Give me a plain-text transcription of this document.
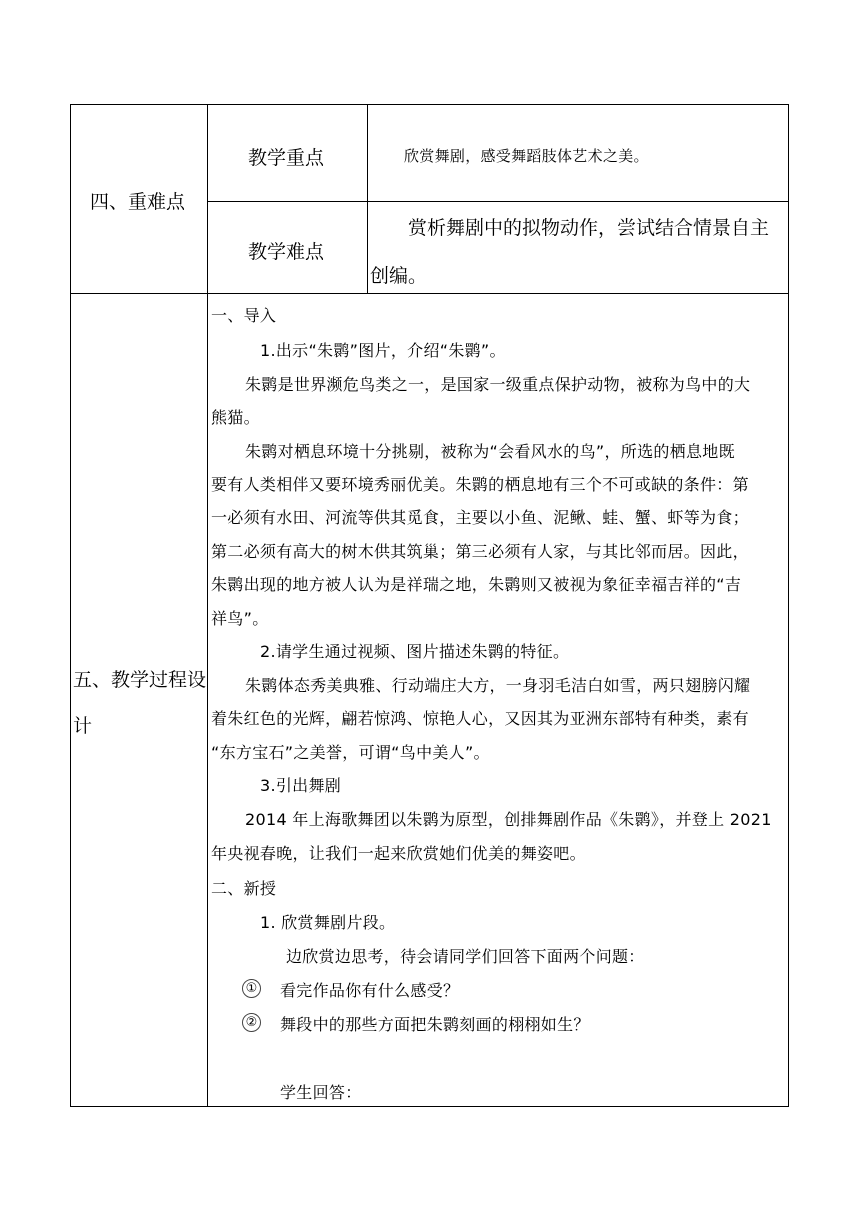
四、重难点
教学重点	欣赏舞剧，感受舞蹈肢体艺术之美。
教学难点
赏析舞剧中的拟物动作，尝试结合情景自主
创编。
五、教学过程设
计
一、导入
1.出示“朱鹮”图片，介绍“朱鹮”。
朱鹮是世界濒危鸟类之一，是国家一级重点保护动物，被称为鸟中的大
熊猫。
朱鹮对栖息环境十分挑剔，被称为“会看风水的鸟”，所选的栖息地既
要有人类相伴又要环境秀丽优美。朱鹮的栖息地有三个不可或缺的条件：第
一必须有水田、河流等供其觅食，主要以小鱼、泥鳅、蛙、蟹、虾等为食；
第二必须有高大的树木供其筑巢；第三必须有人家，与其比邻而居。因此，
朱鹮出现的地方被人认为是祥瑞之地，朱鹮则又被视为象征幸福吉祥的“吉
祥鸟”。
2.请学生通过视频、图片描述朱鹮的特征。
朱鹮体态秀美典雅、行动端庄大方，一身羽毛洁白如雪，两只翅膀闪耀
着朱红色的光辉，翩若惊鸿、惊艳人心，又因其为亚洲东部特有种类，素有
“东方宝石”之美誉，可谓“鸟中美人”。
3.引出舞剧
2014 年上海歌舞团以朱鹮为原型，创排舞剧作品《朱鹮》，并登上 2021
年央视春晚，让我们一起来欣赏她们优美的舞姿吧。
二、新授
1. 欣赏舞剧片段。
边欣赏边思考，待会请同学们回答下面两个问题：
① 看完作品你有什么感受？
② 舞段中的那些方面把朱鹮刻画的栩栩如生？
学生回答：
